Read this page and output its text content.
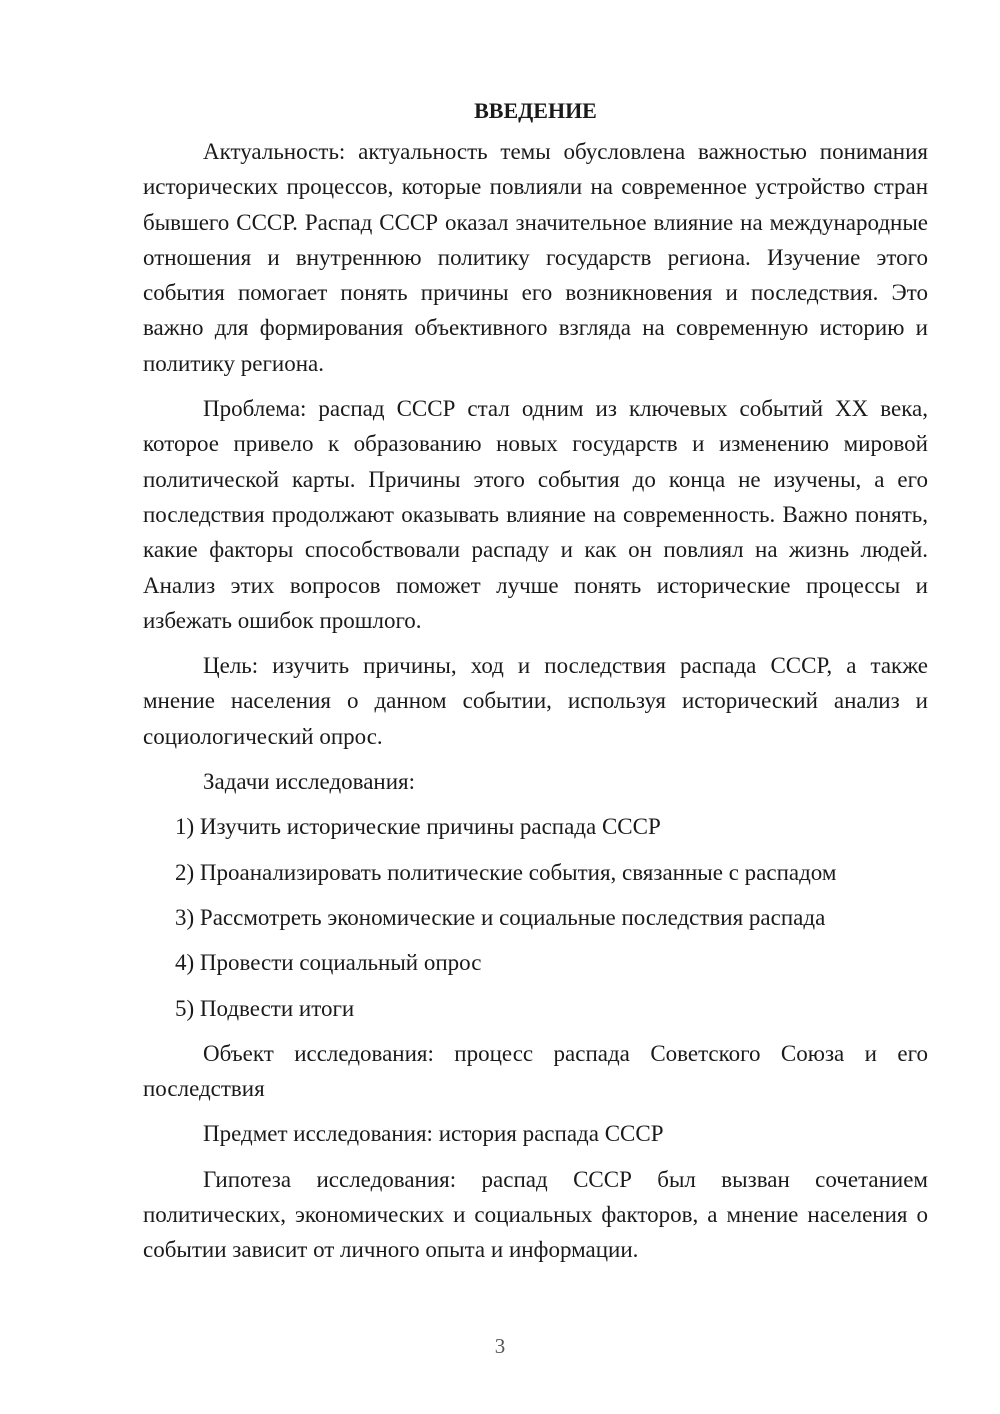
ВВЕДЕНИЕ

Актуальность: актуальность темы обусловлена важностью понимания исторических процессов, которые повлияли на современное устройство стран бывшего СССР. Распад СССР оказал значительное влияние на международные отношения и внутреннюю политику государств региона. Изучение этого события помогает понять причины его возникновения и последствия. Это важно для формирования объективного взгляда на современную историю и политику региона.

Проблема: распад СССР стал одним из ключевых событий XX века, которое привело к образованию новых государств и изменению мировой политической карты. Причины этого события до конца не изучены, а его последствия продолжают оказывать влияние на современность. Важно понять, какие факторы способствовали распаду и как он повлиял на жизнь людей. Анализ этих вопросов поможет лучше понять исторические процессы и избежать ошибок прошлого.

Цель: изучить причины, ход и последствия распада СССР, а также мнение населения о данном событии, используя исторический анализ и социологический опрос.

Задачи исследования:

1) Изучить исторические причины распада СССР
2) Проанализировать политические события, связанные с распадом
3) Рассмотреть экономические и социальные последствия распада
4) Провести социальный опрос
5) Подвести итоги

Объект исследования: процесс распада Советского Союза и его последствия

Предмет исследования: история распада СССР

Гипотеза исследования: распад СССР был вызван сочетанием политических, экономических и социальных факторов, а мнение населения о событии зависит от личного опыта и информации.

3
